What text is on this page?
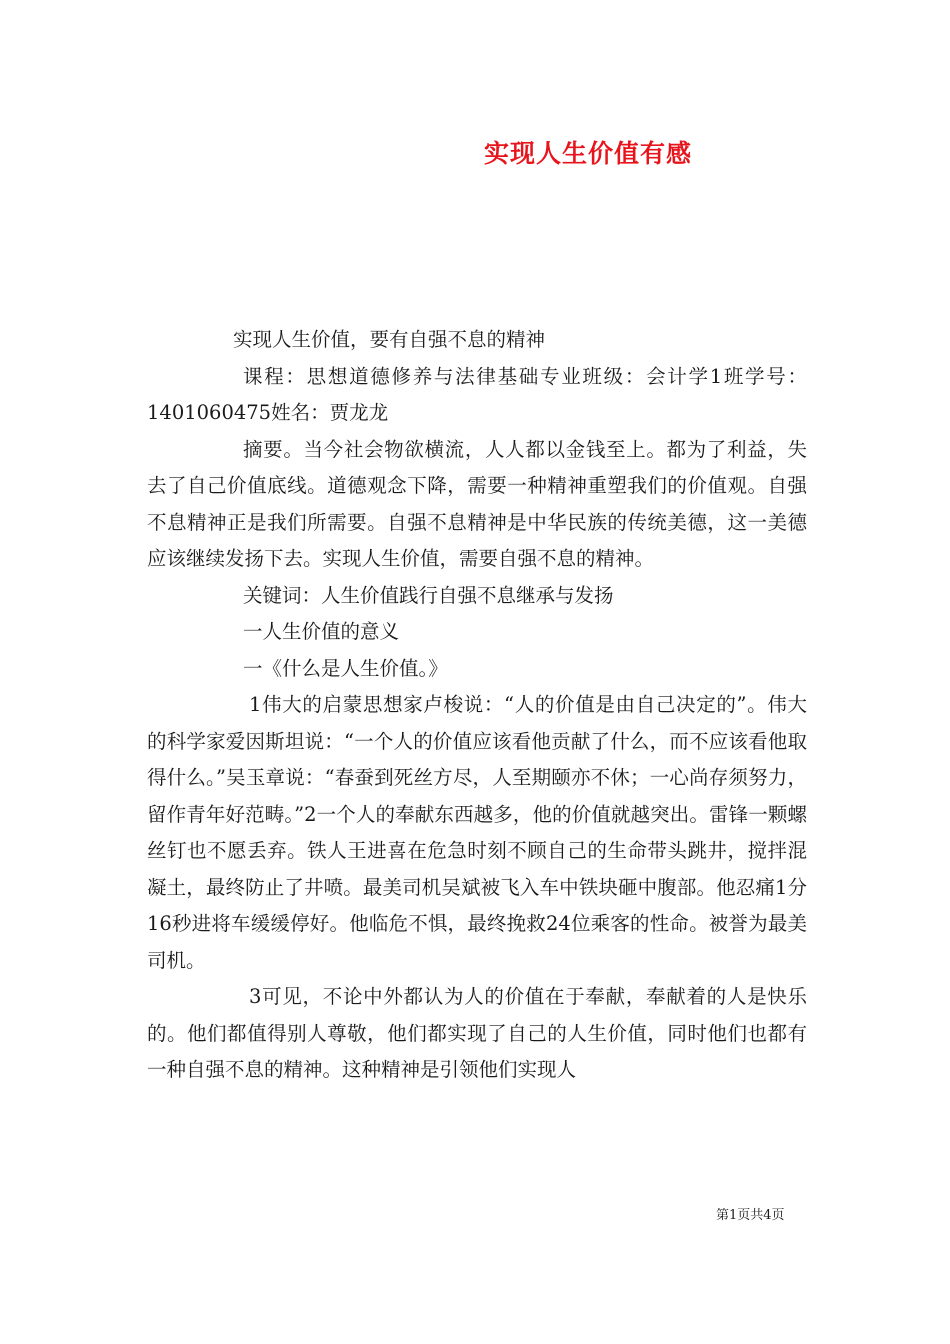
实现人生价值有感

实现人生价值，要有自强不息的精神

课程：思想道德修养与法律基础专业班级：会计学1班学号：1401060475姓名：贾龙龙

摘要。当今社会物欲横流，人人都以金钱至上。都为了利益，失去了自己价值底线。道德观念下降，需要一种精神重塑我们的价值观。自强不息精神正是我们所需要。自强不息精神是中华民族的传统美德，这一美德应该继续发扬下去。实现人生价值，需要自强不息的精神。

关键词：人生价值践行自强不息继承与发扬

一人生价值的意义

一《什么是人生价值。》

1伟大的启蒙思想家卢梭说：“人的价值是由自己决定的”。伟大的科学家爱因斯坦说：“一个人的价值应该看他贡献了什么，而不应该看他取得什么。”吴玉章说：“春蚕到死丝方尽，人至期颐亦不休；一心尚存须努力，留作青年好范畴。”2一个人的奉献东西越多，他的价值就越突出。雷锋一颗螺丝钉也不愿丢弃。铁人王进喜在危急时刻不顾自己的生命带头跳井，搅拌混凝土，最终防止了井喷。最美司机吴斌被飞入车中铁块砸中腹部。他忍痛1分16秒进将车缓缓停好。他临危不惧，最终挽救24位乘客的性命。被誉为最美司机。

3可见，不论中外都认为人的价值在于奉献，奉献着的人是快乐的。他们都值得别人尊敬，他们都实现了自己的人生价值，同时他们也都有一种自强不息的精神。这种精神是引领他们实现人

第1页共4页
